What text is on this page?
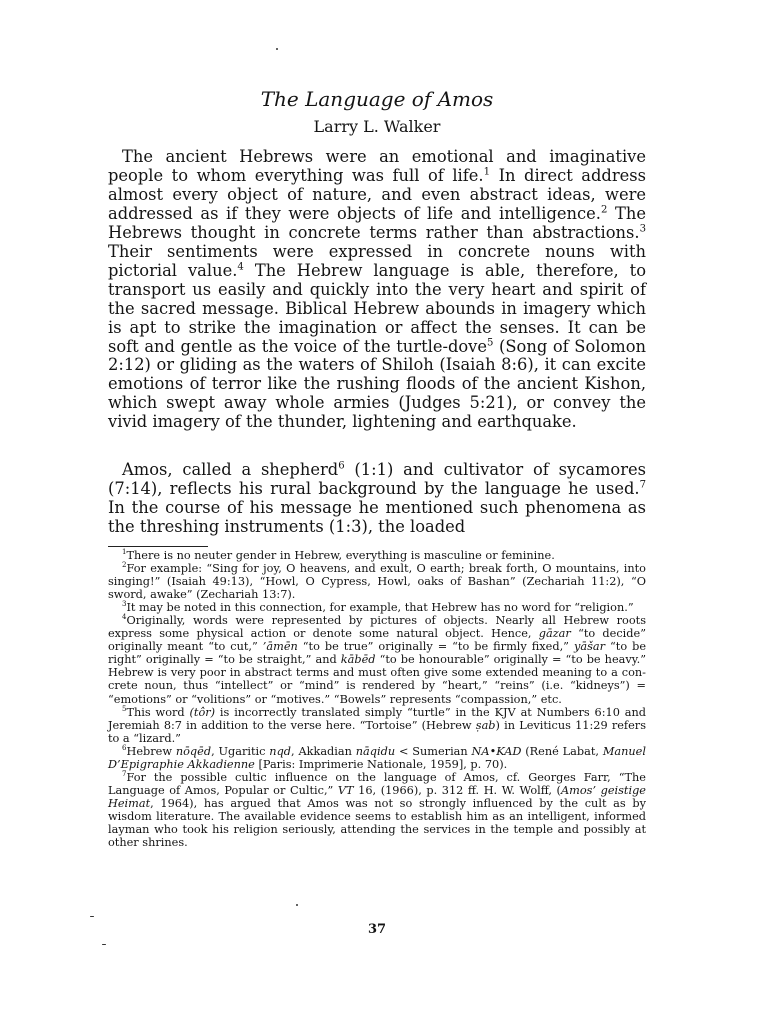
The Language of Amos
Larry L. Walker

The ancient Hebrews were an emotional and imaginative people to whom everything was full of life.$^1$ In direct address almost every object of nature, and even abstract ideas, were addressed as if they were objects of life and intelligence.$^2$ The Hebrews thought in concrete terms rather than abstractions.$^3$ Their sentiments were expressed in concrete nouns with pictorial value.$^4$ The Hebrew language is able, therefore, to transport us easily and quickly into the very heart and spirit of the sacred message. Biblical Hebrew abounds in imagery which is apt to strike the imagination or affect the senses. It can be soft and gentle as the voice of the turtle-dove$^5$ (Song of Solomon 2:12) or gliding as the waters of Shiloh (Isaiah 8:6), it can excite emotions of terror like the rushing floods of the ancient Kishon, which swept away whole armies (Judges 5:21), or convey the vivid imagery of the thunder, lightening and earthquake.

Amos, called a shepherd$^6$ (1:1) and cultivator of sycamores (7:14), reflects his rural background by the language he used.$^7$ In the course of his message he mentioned such phenomena as the threshing instruments (1:3), the loaded

$^1$There is no neuter gender in Hebrew, everything is masculine or feminine.

$^2$For example: “Sing for joy, O heavens, and exult, O earth; break forth, O mountains, into singing!” (Isaiah 49:13), “Howl, O Cypress, Howl, oaks of Bashan” (Zechariah 11:2), “O sword, awake” (Zechariah 13:7).

$^3$It may be noted in this connection, for example, that Hebrew has no word for “religion.”

$^4$Originally, words were represented by pictures of objects. Nearly all Hebrew roots express some physical action or denote some natural object. Hence, gāzar “to decide” originally meant “to cut,” ’āmēn “to be true” originally = “to be firmly fixed,” yāšar “to be right” originally = “to be straight,” and kābēd “to be honourable” originally = “to be heavy.” Hebrew is very poor in abstract terms and must often give some extended meaning to a concrete noun, thus “intellect” or “mind” is rendered by “heart,” “reins” (i.e. “kidneys”) = “emotions” or “volitions” or “motives.” “Bowels” represents “compassion,” etc.

$^5$This word (tôr) is incorrectly translated simply “turtle” in the KJV at Numbers 6:10 and Jeremiah 8:7 in addition to the verse here. “Tortoise” (Hebrew ṣab) in Leviticus 11:29 refers to a “lizard.”

$^6$Hebrew nōqēd, Ugaritic nqd, Akkadian nāqidu < Sumerian NA•KAD (René Labat, Manuel D’Epigraphie Akkadienne [Paris: Imprimerie Nationale, 1959], p. 70).

$^7$For the possible cultic influence on the language of Amos, cf. Georges Farr, “The Language of Amos, Popular or Cultic,” VT 16, (1966), p. 312 ff. H. W. Wolff, (Amos’ geistige Heimat, 1964), has argued that Amos was not so strongly influenced by the cult as by wisdom literature. The available evidence seems to establish him as an intelligent, informed layman who took his religion seriously, attending the services in the temple and possibly at other shrines.

37
